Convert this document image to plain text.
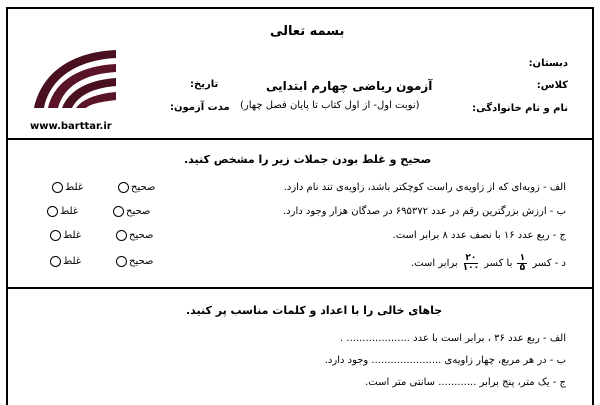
بسمه تعالی
دبستان:
کلاس:
نام و نام خانوادگی:
تاریخ:
مدت آزمون:
آزمون ریاضی چهارم ابتدایی
(نوبت اول- از اول کتاب تا پایان فصل چهار)
www.barttar.ir
صحیح و غلط بودن جملات زیر را مشخص کنید.
الف - زوبه‌ای که از زاویه‌ی راست کوچکتر باشد، زاویه‌ی تند نام دارد.
ب - ارزش بزرگترین رقم در عدد ۶۹۵۳۷۲ در صدگان هزار وجود دارد.
ج - ربع عدد ۱۶ با نصف عدد ۸ برابر است.
د - کسر
$\frac{۱}{۵}$
با کسر
$\frac{۲۰}{۱۰۰}$
برابر است.
غلط	صحیح
غلط	صحیح
غلط	صحیح
غلط	صحیح
جاهای خالی را با اعداد و کلمات مناسب پر کنید.
الف - ربع عدد ۳۶ ، برابر است با عدد .................... .
ب - در هر مربع، چهار زاویه‌ی ...................... وجود دارد.
ج - یک متر، پنج برابر ............ سانتی متر است.
